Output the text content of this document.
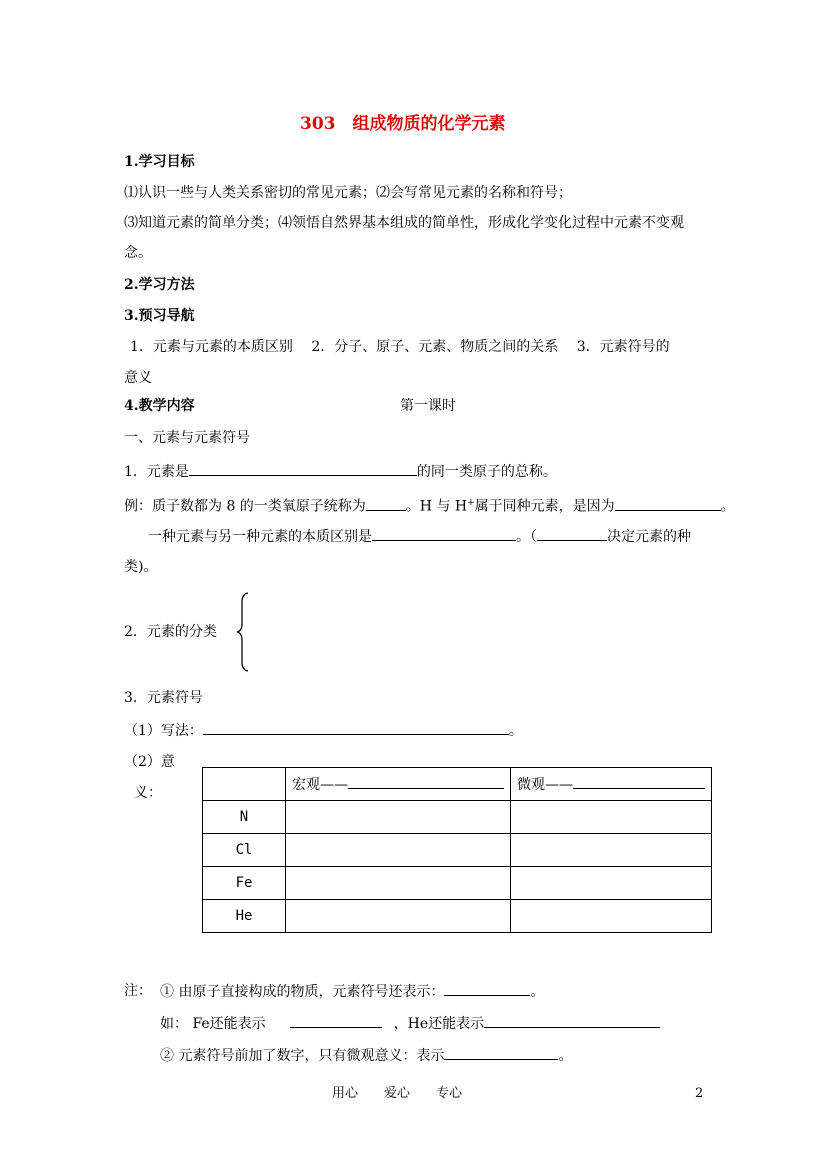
303　组成物质的化学元素
1.学习目标
⑴认识一些与人类关系密切的常见元素；⑵会写常见元素的名称和符号；
⑶知道元素的简单分类；⑷领悟自然界基本组成的简单性，形成化学变化过程中元素不变观
念。
2.学习方法
3.预习导航
1．元素与元素的本质区别　 2．分子、原子、元素、物质之间的关系　 3．元素符号的
意义
4.教学内容	第一课时
一、元素与元素符号
1．元素是	的同一类原子的总称。
例：质子数都为 8 的一类氧原子统称为	。H 与 H+属于同种元素，是因为	。
一种元素与另一种元素的本质区别是	。（	决定元素的种
类)。
2．元素的分类
3．元素符号
（1）写法：	。
（2）意
义：
		宏观——	微观——
N		
Cl		
Fe		
He		
注： ① 由原子直接构成的物质，元素符号还表示：	。
如： Fe还能表示	，He还能表示
② 元素符号前加了数字，只有微观意义：表示	。
用心　　爱心　　专心	2
